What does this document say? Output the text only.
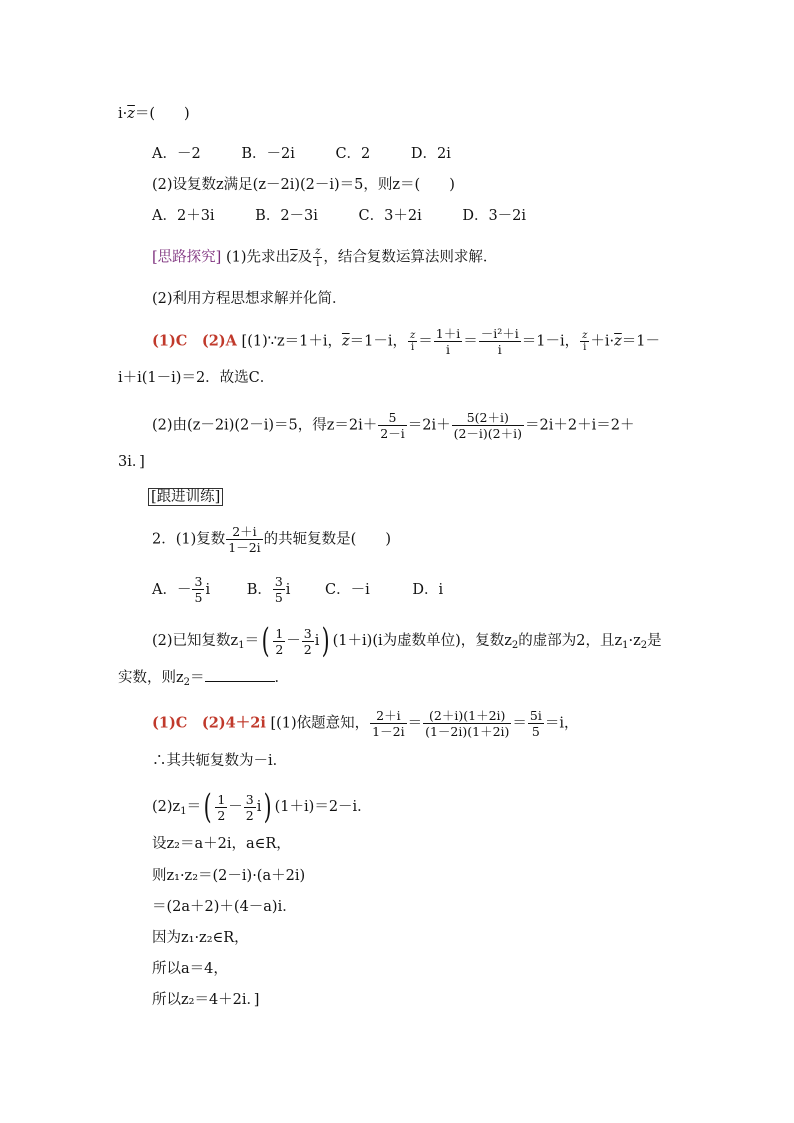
$i\cdot\overline{z}=$(　　)
A．－2	B．－2i	C．2	D．2i
(2)设复数z满足(z－2i)(2－i)＝5，则z＝(　　)
A．2＋3i	B．2－3i	C．3＋2i	D．3－2i
[思路探究] (1)先求出$\overline{z}$及 $\frac{z}{i}$ ，结合复数运算法则求解．
(2)利用方程思想求解并化简．
(1)C　(2)A [(1)∵z＝1＋i，$\overline{z}=1-i$， $\frac{z}{i} = \frac{1+i}{i} = \frac{\text{－i²＋i}}{i} =1-i$， $\frac{z}{i} +i\cdot\overline{z}=1-$
i＋i(1－i)＝2．故选C．
(2)由(z－2i)(2－i)＝5，得$z=2i+ \frac{5}{2-i} =2i+ \frac{5(2+i)}{(2-i)(2+i)} =2i+2+i=2+$
3i．]
[跟进训练]
2．(1)复数 $\frac{2+i}{1-2i}$ 的共轭复数是(　　)
A．－ $\frac{3}{5}$ i	B． $\frac{3}{5}$ i C．－i	D．i
(2)已知复数$z_1=( \frac{1}{2} - \frac{3}{2} i)$ (1＋i)(i为虚数单位)，复数$z_2$的虚部为2，且$z_1\cdot z_2$是
实数，则$z_2=$	．
(1)C　(2)4＋2i [(1)依题意知， $\frac{2+i}{1-2i} = \frac{(2+i)(1+2i)}{(1-2i)(1+2i)} = \frac{5i}{5} =i$，
∴其共轭复数为－i．
$(2)z_1=( \frac{1}{2} - \frac{3}{2} i)$ (1＋i)＝2－i．
设z₂＝a＋2i，a∈R，
则z₁·z₂＝(2－i)·(a＋2i)
＝(2a＋2)＋(4－a)i．
因为z₁·z₂∈R，
所以a＝4，
所以z₂＝4＋2i．]
